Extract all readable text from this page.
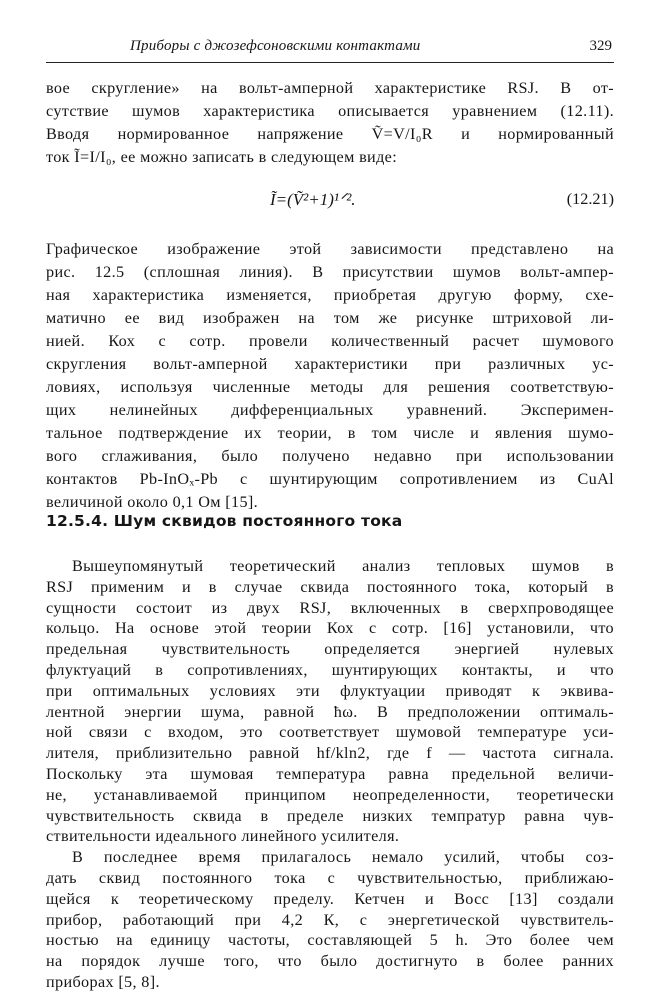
Приборы с джозефсоновскими контактами	329
вое скругление» на вольт-амперной характеристике RSJ. В от-
сутствие шумов характеристика описывается уравнением (12.11).
Вводя нормированное напряжение Ṽ=V/I₀R и нормированный
ток Ĩ=I/I₀, ее можно записать в следующем виде:
Ĩ=(Ṽ²+1)¹ᐟ².	(12.21)
Графическое изображение этой зависимости представлено на
рис. 12.5 (сплошная линия). В присутствии шумов вольт-ампер-
ная характеристика изменяется, приобретая другую форму, схе-
матично ее вид изображен на том же рисунке штриховой ли-
нией. Кох с сотр. провели количественный расчет шумового
скругления вольт-амперной характеристики при различных ус-
ловиях, используя численные методы для решения соответствую-
щих нелинейных дифференциальных уравнений. Эксперимен-
тальное подтверждение их теории, в том числе и явления шумо-
вого сглаживания, было получено недавно при использовании
контактов Pb-InOₓ-Pb с шунтирующим сопротивлением из CuAl
величиной около 0,1 Ом [15].
12.5.4. Шум сквидов постоянного тока
Вышеупомянутый теоретический анализ тепловых шумов в
RSJ применим и в случае сквида постоянного тока, который в
сущности состоит из двух RSJ, включенных в сверхпроводящее
кольцо. На основе этой теории Кох с сотр. [16] установили, что
предельная чувствительность определяется энергией нулевых
флуктуаций в сопротивлениях, шунтирующих контакты, и что
при оптимальных условиях эти флуктуации приводят к эквива-
лентной энергии шума, равной ħω. В предположении оптималь-
ной связи с входом, это соответствует шумовой температуре уси-
лителя, приблизительно равной hf/kln2, где f — частота сигнала.
Поскольку эта шумовая температура равна предельной величи-
не, устанавливаемой принципом неопределенности, теоретически
чувствительность сквида в пределе низких темпратур равна чув-
ствительности идеального линейного усилителя.
В последнее время прилагалось немало усилий, чтобы соз-
дать сквид постоянного тока с чувствительностью, приближаю-
щейся к теоретическому пределу. Кетчен и Восс [13] создали
прибор, работающий при 4,2 К, с энергетической чувствитель-
ностью на единицу частоты, составляющей 5 h. Это более чем
на порядок лучше того, что было достигнуто в более ранних
приборах [5, 8].
